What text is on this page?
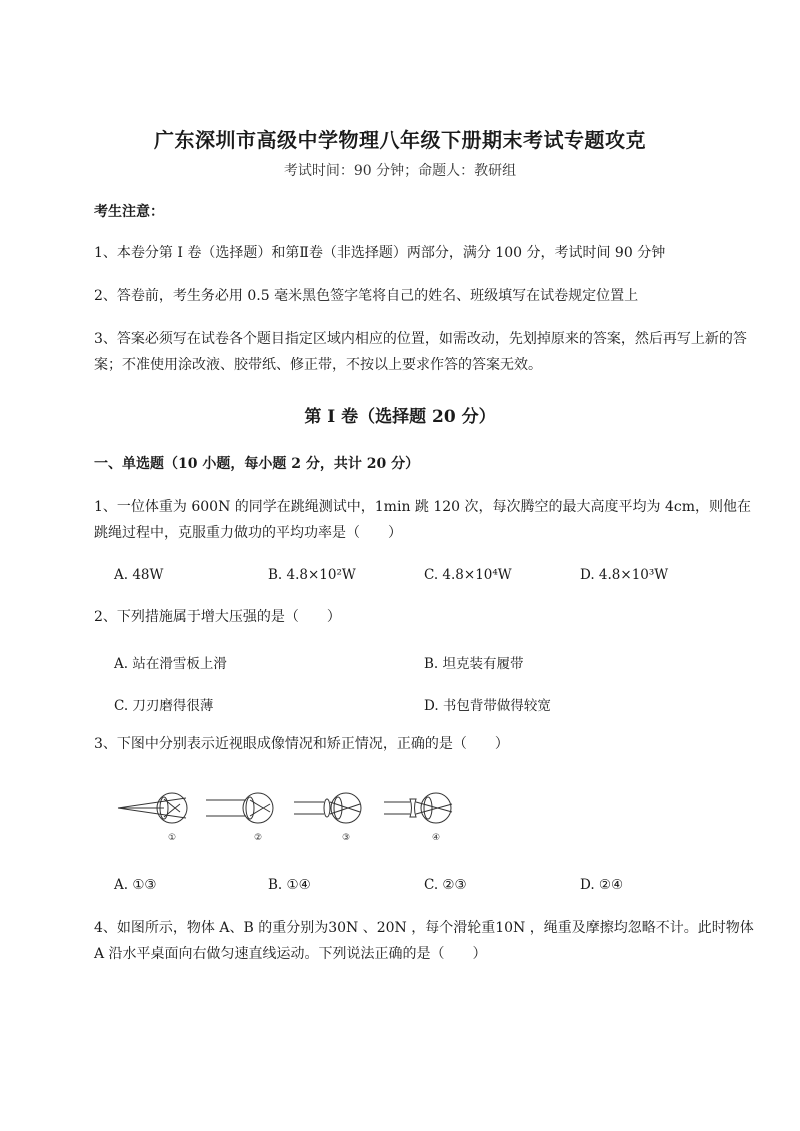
广东深圳市高级中学物理八年级下册期末考试专题攻克
考试时间：90 分钟；命题人：教研组
考生注意：
1、本卷分第 I 卷（选择题）和第Ⅱ卷（非选择题）两部分，满分 100 分，考试时间 90 分钟
2、答卷前，考生务必用 0.5 毫米黑色签字笔将自己的姓名、班级填写在试卷规定位置上
3、答案必须写在试卷各个题目指定区域内相应的位置，如需改动，先划掉原来的答案，然后再写上新的答案；不准使用涂改液、胶带纸、修正带，不按以上要求作答的答案无效。
第 I 卷（选择题 20 分）
一、单选题（10 小题，每小题 2 分，共计 20 分）
1、一位体重为 600N 的同学在跳绳测试中，1min 跳 120 次，每次腾空的最大高度平均为 4cm，则他在跳绳过程中，克服重力做功的平均功率是（　　）
A. 48W	B. 4.8×10²W	C. 4.8×10⁴W	D. 4.8×10³W
2、下列措施属于增大压强的是（　　）
A. 站在滑雪板上滑	B. 坦克装有履带
C. 刀刃磨得很薄	D. 书包背带做得较宽
3、下图中分别表示近视眼成像情况和矫正情况，正确的是（　　）
①	②	③	④
A. ①③	B. ①④	C. ②③	D. ②④
4、如图所示，物体 A、B 的重分别为30N 、20N ，每个滑轮重10N ，绳重及摩擦均忽略不计。此时物体 A 沿水平桌面向右做匀速直线运动。下列说法正确的是（　　）
